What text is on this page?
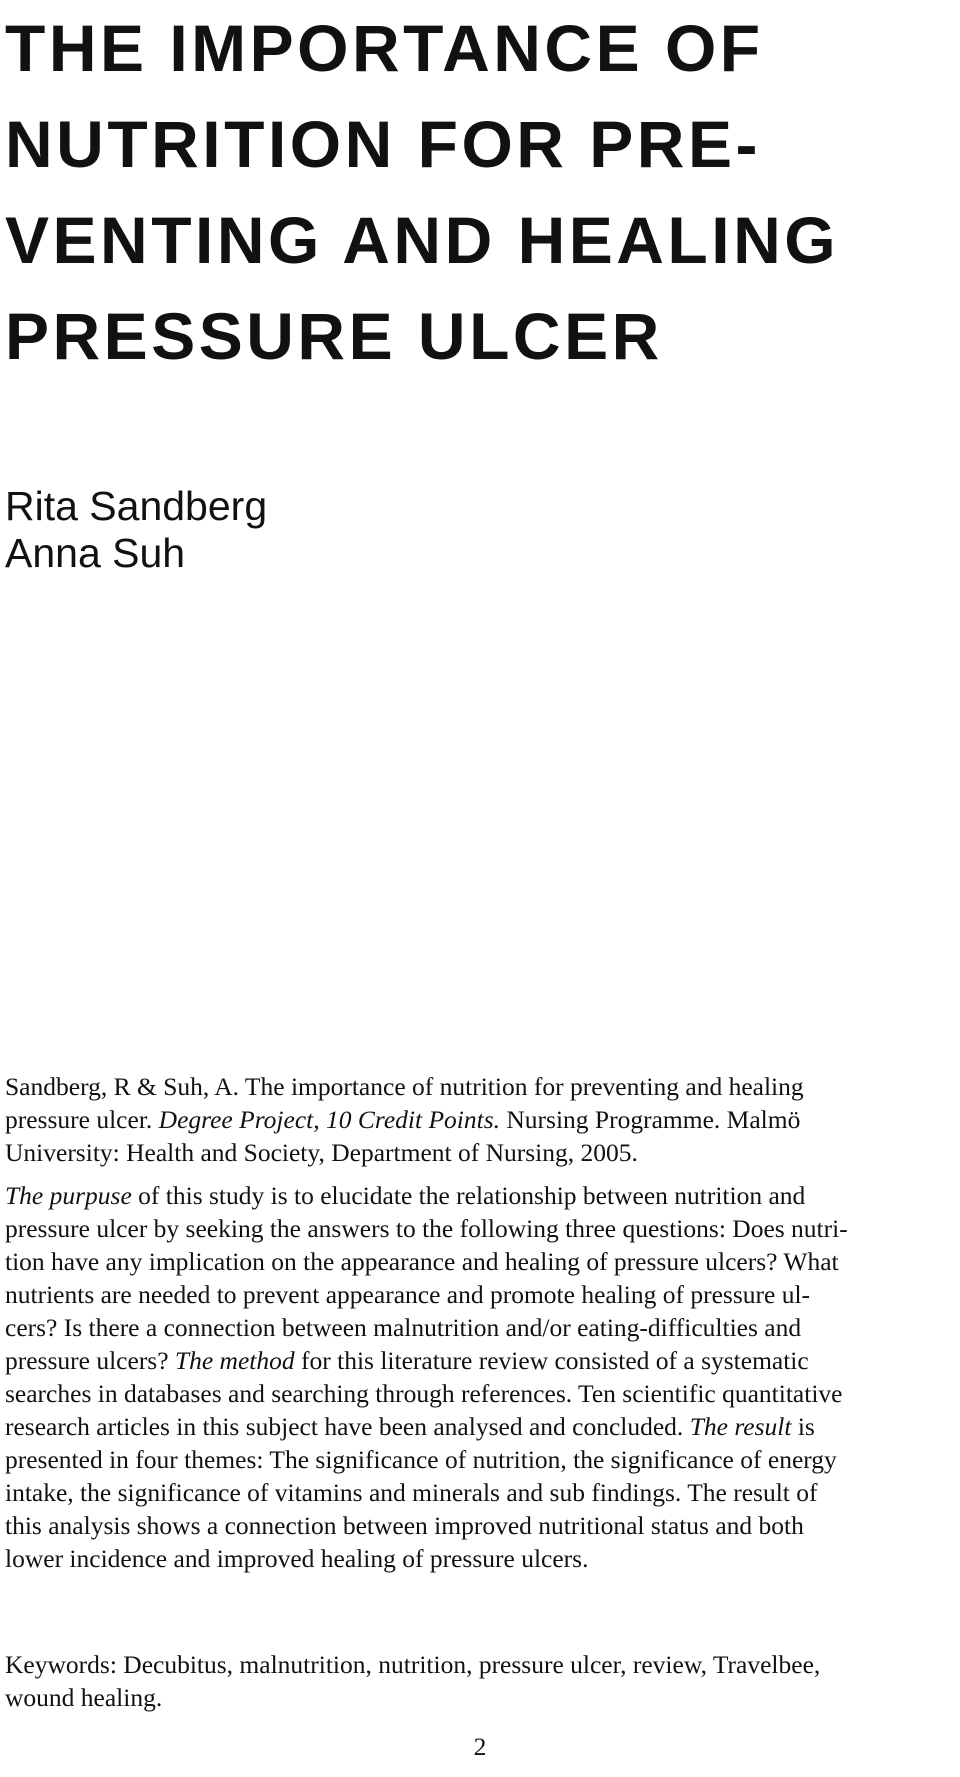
THE IMPORTANCE OF
NUTRITION FOR PRE-
VENTING AND HEALING
PRESSURE ULCER
Rita Sandberg
Anna Suh
Sandberg, R & Suh, A. The importance of nutrition for preventing and healing
pressure ulcer. Degree Project, 10 Credit Points. Nursing Programme. Malmö
University: Health and Society, Department of Nursing, 2005.
The purpuse of this study is to elucidate the relationship between nutrition and
pressure ulcer by seeking the answers to the following three questions: Does nutri-
tion have any implication on the appearance and healing of pressure ulcers? What
nutrients are needed to prevent appearance and promote healing of pressure ul-
cers? Is there a connection between malnutrition and/or eating-difficulties and
pressure ulcers? The method for this literature review consisted of a systematic
searches in databases and searching through references. Ten scientific quantitative
research articles in this subject have been analysed and concluded. The result is
presented in four themes: The significance of nutrition, the significance of energy
intake, the significance of vitamins and minerals and sub findings. The result of
this analysis shows a connection between improved nutritional status and both
lower incidence and improved healing of pressure ulcers.
Keywords: Decubitus, malnutrition, nutrition, pressure ulcer, review, Travelbee,
wound healing.
2
